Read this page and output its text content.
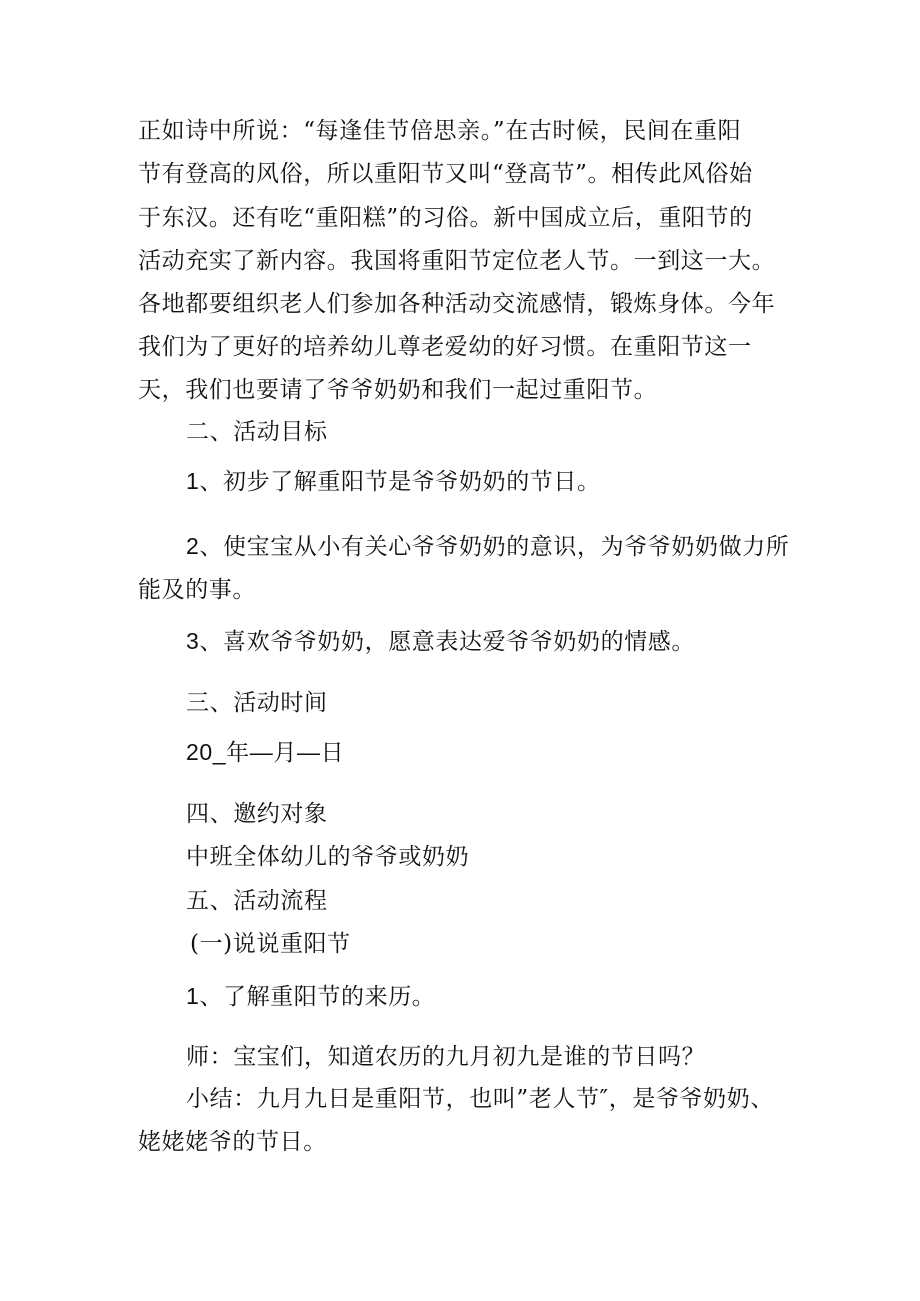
正如诗中所说：“每逢佳节倍思亲。”在古时候，民间在重阳
节有登高的风俗，所以重阳节又叫“登高节”。相传此风俗始
于东汉。还有吃“重阳糕”的习俗。新中国成立后，重阳节的
活动充实了新内容。我国将重阳节定位老人节。一到这一大。
各地都要组织老人们参加各种活动交流感情，锻炼身体。今年
我们为了更好的培养幼儿尊老爱幼的好习惯。在重阳节这一
天，我们也要请了爷爷奶奶和我们一起过重阳节。
二、活动目标
1、初步了解重阳节是爷爷奶奶的节日。
2、使宝宝从小有关心爷爷奶奶的意识，为爷爷奶奶做力所
能及的事。
3、喜欢爷爷奶奶，愿意表达爱爷爷奶奶的情感。
三、活动时间
20_年—月—日
四、邀约对象
中班全体幼儿的爷爷或奶奶
五、活动流程
(一)说说重阳节
1、了解重阳节的来历。
师：宝宝们，知道农历的九月初九是谁的节日吗？
小结：九月九日是重阳节，也叫”老人节″，是爷爷奶奶、
姥姥姥爷的节日。
